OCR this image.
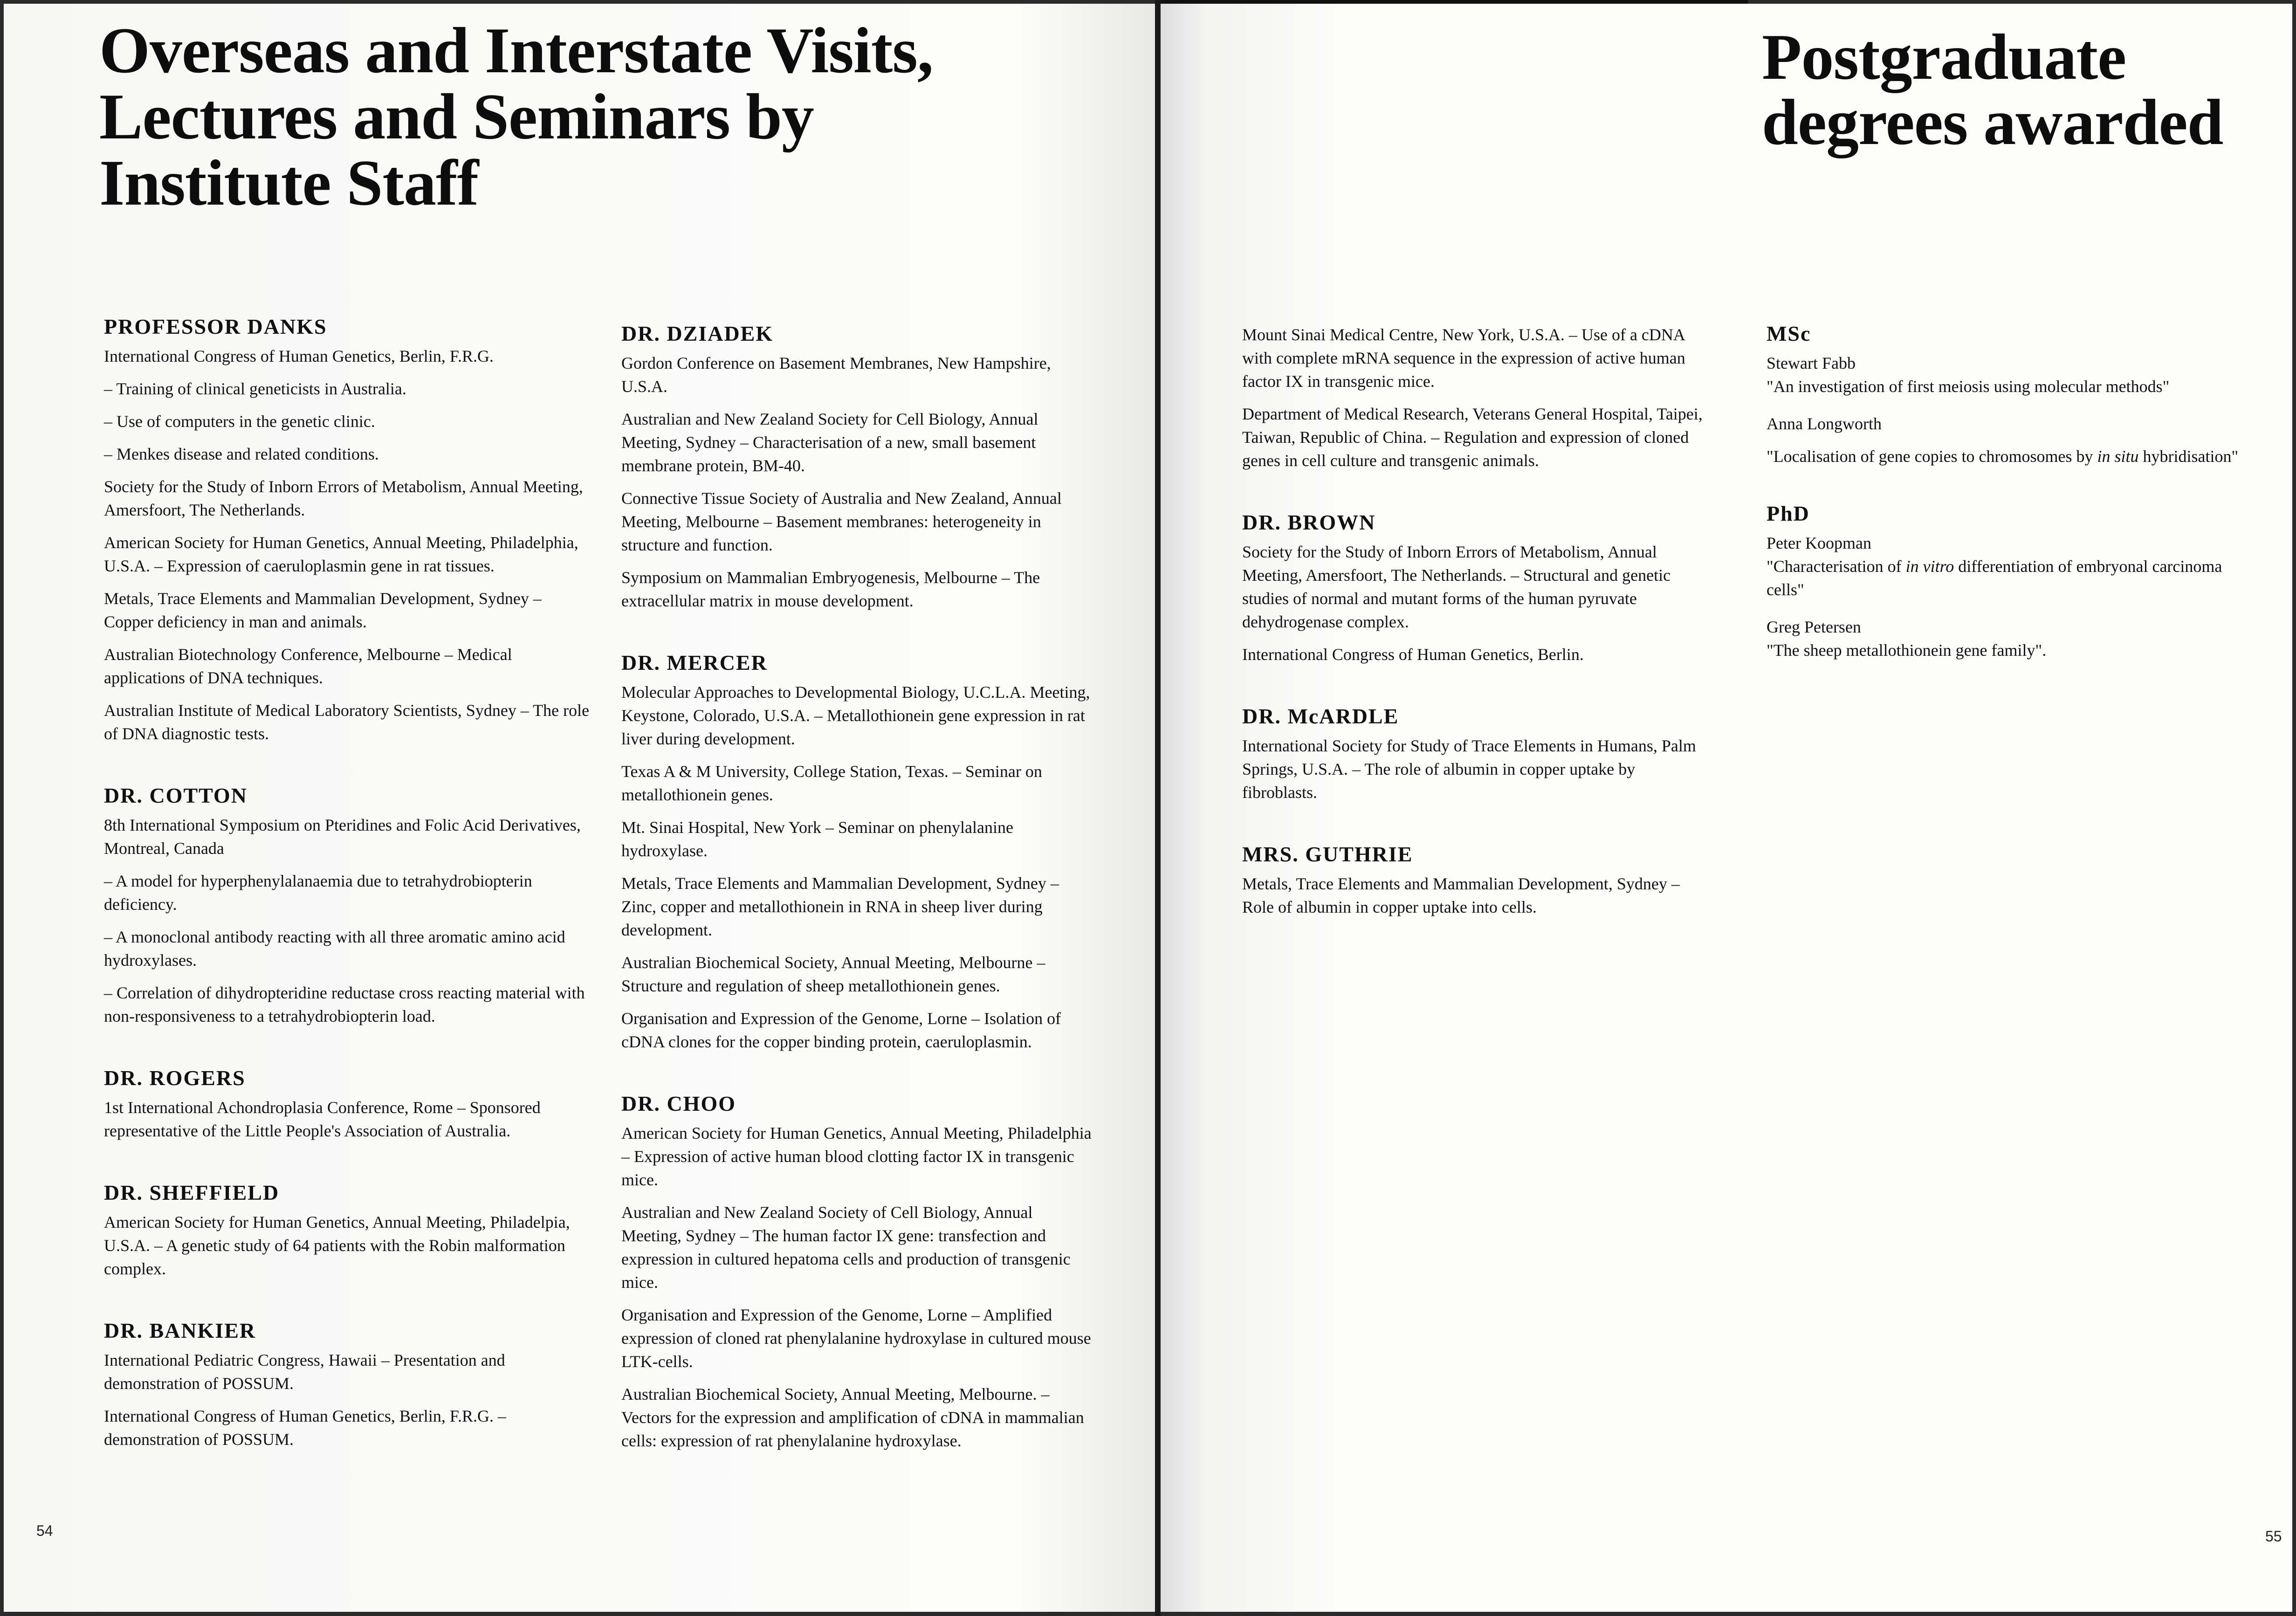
Overseas and Interstate Visits, Lectures and Seminars by Institute Staff
PROFESSOR DANKS

International Congress of Human Genetics, Berlin, F.R.G.

– Training of clinical geneticists in Australia.

– Use of computers in the genetic clinic.

– Menkes disease and related conditions.

Society for the Study of Inborn Errors of Metabolism, Annual Meeting, Amersfoort, The Netherlands.

American Society for Human Genetics, Annual Meeting, Philadelphia, U.S.A. – Expression of caeruloplasmin gene in rat tissues.

Metals, Trace Elements and Mammalian Development, Sydney – Copper deficiency in man and animals.

Australian Biotechnology Conference, Melbourne – Medical applications of DNA techniques.

Australian Institute of Medical Laboratory Scientists, Sydney – The role of DNA diagnostic tests.

DR. COTTON

8th International Symposium on Pteridines and Folic Acid Derivatives, Montreal, Canada

– A model for hyperphenylalanaemia due to tetrahydrobiopterin deficiency.

– A monoclonal antibody reacting with all three aromatic amino acid hydroxylases.

– Correlation of dihydropteridine reductase cross reacting material with non-responsiveness to a tetrahydrobiopterin load.

DR. ROGERS

1st International Achondroplasia Conference, Rome – Sponsored representative of the Little People's Association of Australia.

DR. SHEFFIELD

American Society for Human Genetics, Annual Meeting, Philadelpia, U.S.A. – A genetic study of 64 patients with the Robin malformation complex.

DR. BANKIER

International Pediatric Congress, Hawaii – Presentation and demonstration of POSSUM.

International Congress of Human Genetics, Berlin, F.R.G. – demonstration of POSSUM.

DR. DZIADEK

Gordon Conference on Basement Membranes, New Hampshire, U.S.A.

Australian and New Zealand Society for Cell Biology, Annual Meeting, Sydney – Characterisation of a new, small basement membrane protein, BM-40.

Connective Tissue Society of Australia and New Zealand, Annual Meeting, Melbourne – Basement membranes: heterogeneity in structure and function.

Symposium on Mammalian Embryogenesis, Melbourne – The extracellular matrix in mouse development.

DR. MERCER

Molecular Approaches to Developmental Biology, U.C.L.A. Meeting, Keystone, Colorado, U.S.A. – Metallothionein gene expression in rat liver during development.

Texas A & M University, College Station, Texas. – Seminar on metallothionein genes.

Mt. Sinai Hospital, New York – Seminar on phenylalanine hydroxylase.

Metals, Trace Elements and Mammalian Development, Sydney – Zinc, copper and metallothionein in RNA in sheep liver during development.

Australian Biochemical Society, Annual Meeting, Melbourne – Structure and regulation of sheep metallothionein genes.

Organisation and Expression of the Genome, Lorne – Isolation of cDNA clones for the copper binding protein, caeruloplasmin.

DR. CHOO

American Society for Human Genetics, Annual Meeting, Philadelphia – Expression of active human blood clotting factor IX in transgenic mice.

Australian and New Zealand Society of Cell Biology, Annual Meeting, Sydney – The human factor IX gene: transfection and expression in cultured hepatoma cells and production of transgenic mice.

Organisation and Expression of the Genome, Lorne – Amplified expression of cloned rat phenylalanine hydroxylase in cultured mouse LTK-cells.

Australian Biochemical Society, Annual Meeting, Melbourne. – Vectors for the expression and amplification of cDNA in mammalian cells: expression of rat phenylalanine hydroxylase.

54
Postgraduate degrees awarded

Mount Sinai Medical Centre, New York, U.S.A. – Use of a cDNA with complete mRNA sequence in the expression of active human factor IX in transgenic mice.

Department of Medical Research, Veterans General Hospital, Taipei, Taiwan, Republic of China. – Regulation and expression of cloned genes in cell culture and transgenic animals.

DR. BROWN

Society for the Study of Inborn Errors of Metabolism, Annual Meeting, Amersfoort, The Netherlands. – Structural and genetic studies of normal and mutant forms of the human pyruvate dehydrogenase complex.

International Congress of Human Genetics, Berlin.

DR. McARDLE

International Society for Study of Trace Elements in Humans, Palm Springs, U.S.A. – The role of albumin in copper uptake by fibroblasts.

MRS. GUTHRIE

Metals, Trace Elements and Mammalian Development, Sydney – Role of albumin in copper uptake into cells.

MSc

Stewart Fabb

"An investigation of first meiosis using molecular methods"

Anna Longworth

"Localisation of gene copies to chromosomes by in situ hybridisation"

PhD

Peter Koopman

"Characterisation of in vitro differentiation of embryonal carcinoma cells"

Greg Petersen

"The sheep metallothionein gene family".

55
